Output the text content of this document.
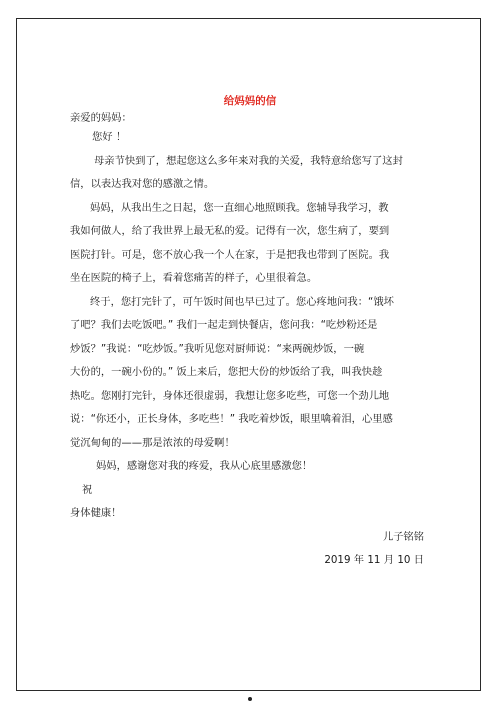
给妈妈的信

亲爱的妈妈：

您好 ！

母亲节快到了，想起您这么多年来对我的关爱，我特意给您写了这封

信，以表达我对您的感激之情。

妈妈，从我出生之日起，您一直细心地照顾我。您辅导我学习，教

我如何做人，给了我世界上最无私的爱。记得有一次，您生病了，要到

医院打针。可是，您不放心我一个人在家，于是把我也带到了医院。我

坐在医院的椅子上，看着您痛苦的样子，心里很着急。

终于，您打完针了，可午饭时间也早已过了。您心疼地问我：“饿坏

了吧？我们去吃饭吧。” 我们一起走到快餐店，您问我：“吃炒粉还是

炒饭？”我说：“吃炒饭。”我听见您对厨师说：“来两碗炒饭，一碗

大份的，一碗小份的。” 饭上来后，您把大份的炒饭给了我，叫我快趁

热吃。您刚打完针，身体还很虚弱，我想让您多吃些，可您一个劲儿地

说：“你还小，正长身体，多吃些！” 我吃着炒饭，眼里噙着泪，心里感

觉沉甸甸的——那是浓浓的母爱啊！

妈妈，感谢您对我的疼爱，我从心底里感激您！

祝

身体健康！

儿子铭铭

2019 年 11 月 10 日
